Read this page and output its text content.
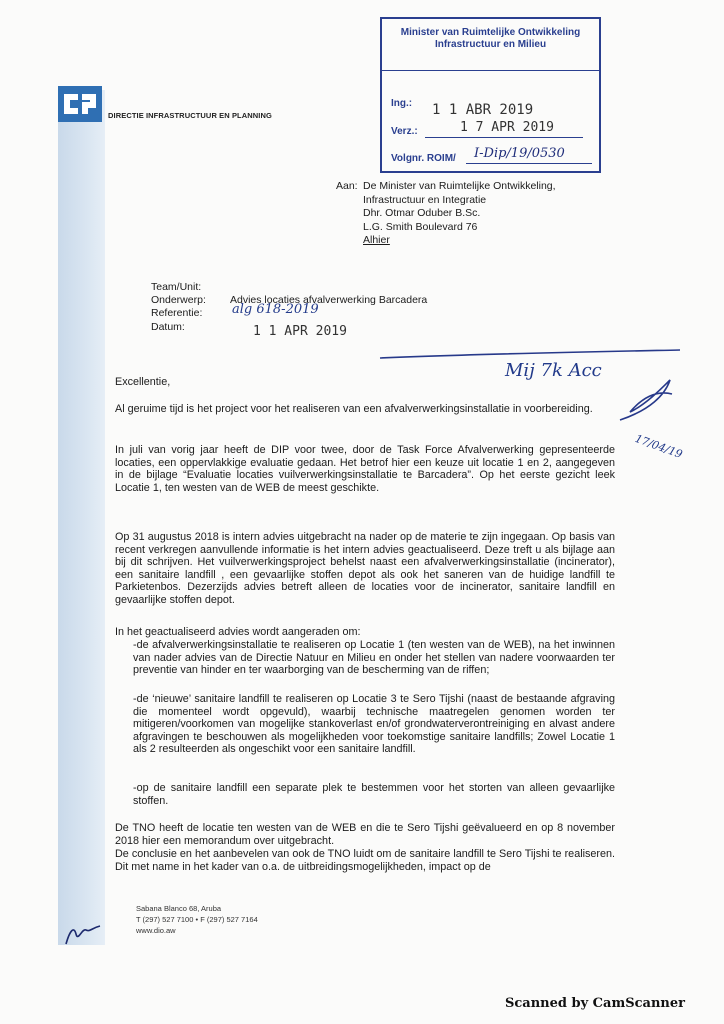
DIRECTIE INFRASTRUCTUUR EN PLANNING
Minister van Ruimtelijke Ontwikkeling
Infrastructuur en Milieu
Ing.: 1 1 ABR 2019
Verz.:	1 7 APR 2019
Volgnr. ROIM/ I-Dip/19/0530
Aan: De Minister van Ruimtelijke Ontwikkeling,
Infrastructuur en Integratie
Dhr. Otmar Oduber B.Sc.
L.G. Smith Boulevard 76
Alhier
Team/Unit:
Onderwerp: Advies locaties afvalverwerking Barcadera
Referentie: alg 618-2019
Datum:	1 1 APR 2019
Mij 7k Acc
17/04/19
Excellentie,
Al geruime tijd is het project voor het realiseren van een afvalverwerkingsinstallatie in voorbereiding.
In juli van vorig jaar heeft de DIP voor twee, door de Task Force Afvalverwerking gepresenteerde locaties, een oppervlakkige evaluatie gedaan. Het betrof hier een keuze uit locatie 1 en 2, aangegeven in de bijlage “Evaluatie locaties vuilverwerkingsinstallatie te Barcadera”. Op het eerste gezicht leek Locatie 1, ten westen van de WEB de meest geschikte.
Op 31 augustus 2018 is intern advies uitgebracht na nader op de materie te zijn ingegaan. Op basis van recent verkregen aanvullende informatie is het intern advies geactualiseerd. Deze treft u als bijlage aan bij dit schrijven. Het vuilverwerkingsproject behelst naast een afvalverwerkingsinstallatie (incinerator), een sanitaire landfill , een gevaarlijke stoffen depot als ook het saneren van de huidige landfill te Parkietenbos. Dezerzijds advies betreft alleen de locaties voor de incinerator, sanitaire landfill en gevaarlijke stoffen depot.
In het geactualiseerd advies wordt aangeraden om:
-de afvalverwerkingsinstallatie te realiseren op Locatie 1 (ten westen van de WEB), na het inwinnen van nader advies van de Directie Natuur en Milieu en onder het stellen van nadere voorwaarden ter preventie van hinder en ter waarborging van de bescherming van de riffen;
-de ‘nieuwe’ sanitaire landfill te realiseren op Locatie 3 te Sero Tijshi (naast de bestaande afgraving die momenteel wordt opgevuld), waarbij technische maatregelen genomen worden ter mitigeren/voorkomen van mogelijke stankoverlast en/of grondwaterverontreiniging en alvast andere afgravingen te beschouwen als mogelijkheden voor toekomstige sanitaire landfills; Zowel Locatie 1 als 2 resulteerden als ongeschikt voor een sanitaire landfill.
-op de sanitaire landfill een separate plek te bestemmen voor het storten van alleen gevaarlijke stoffen.
De TNO heeft de locatie ten westen van de WEB en die te Sero Tijshi geëvalueerd en op 8 november 2018 hier een memorandum over uitgebracht.
De conclusie en het aanbevelen van ook de TNO luidt om de sanitaire landfill te Sero Tijshi te realiseren. Dit met name in het kader van o.a. de uitbreidingsmogelijkheden, impact op de
Sabana Blanco 68, Aruba
T (297) 527 7100 • F (297) 527 7164
www.dio.aw
Scanned by CamScanner
